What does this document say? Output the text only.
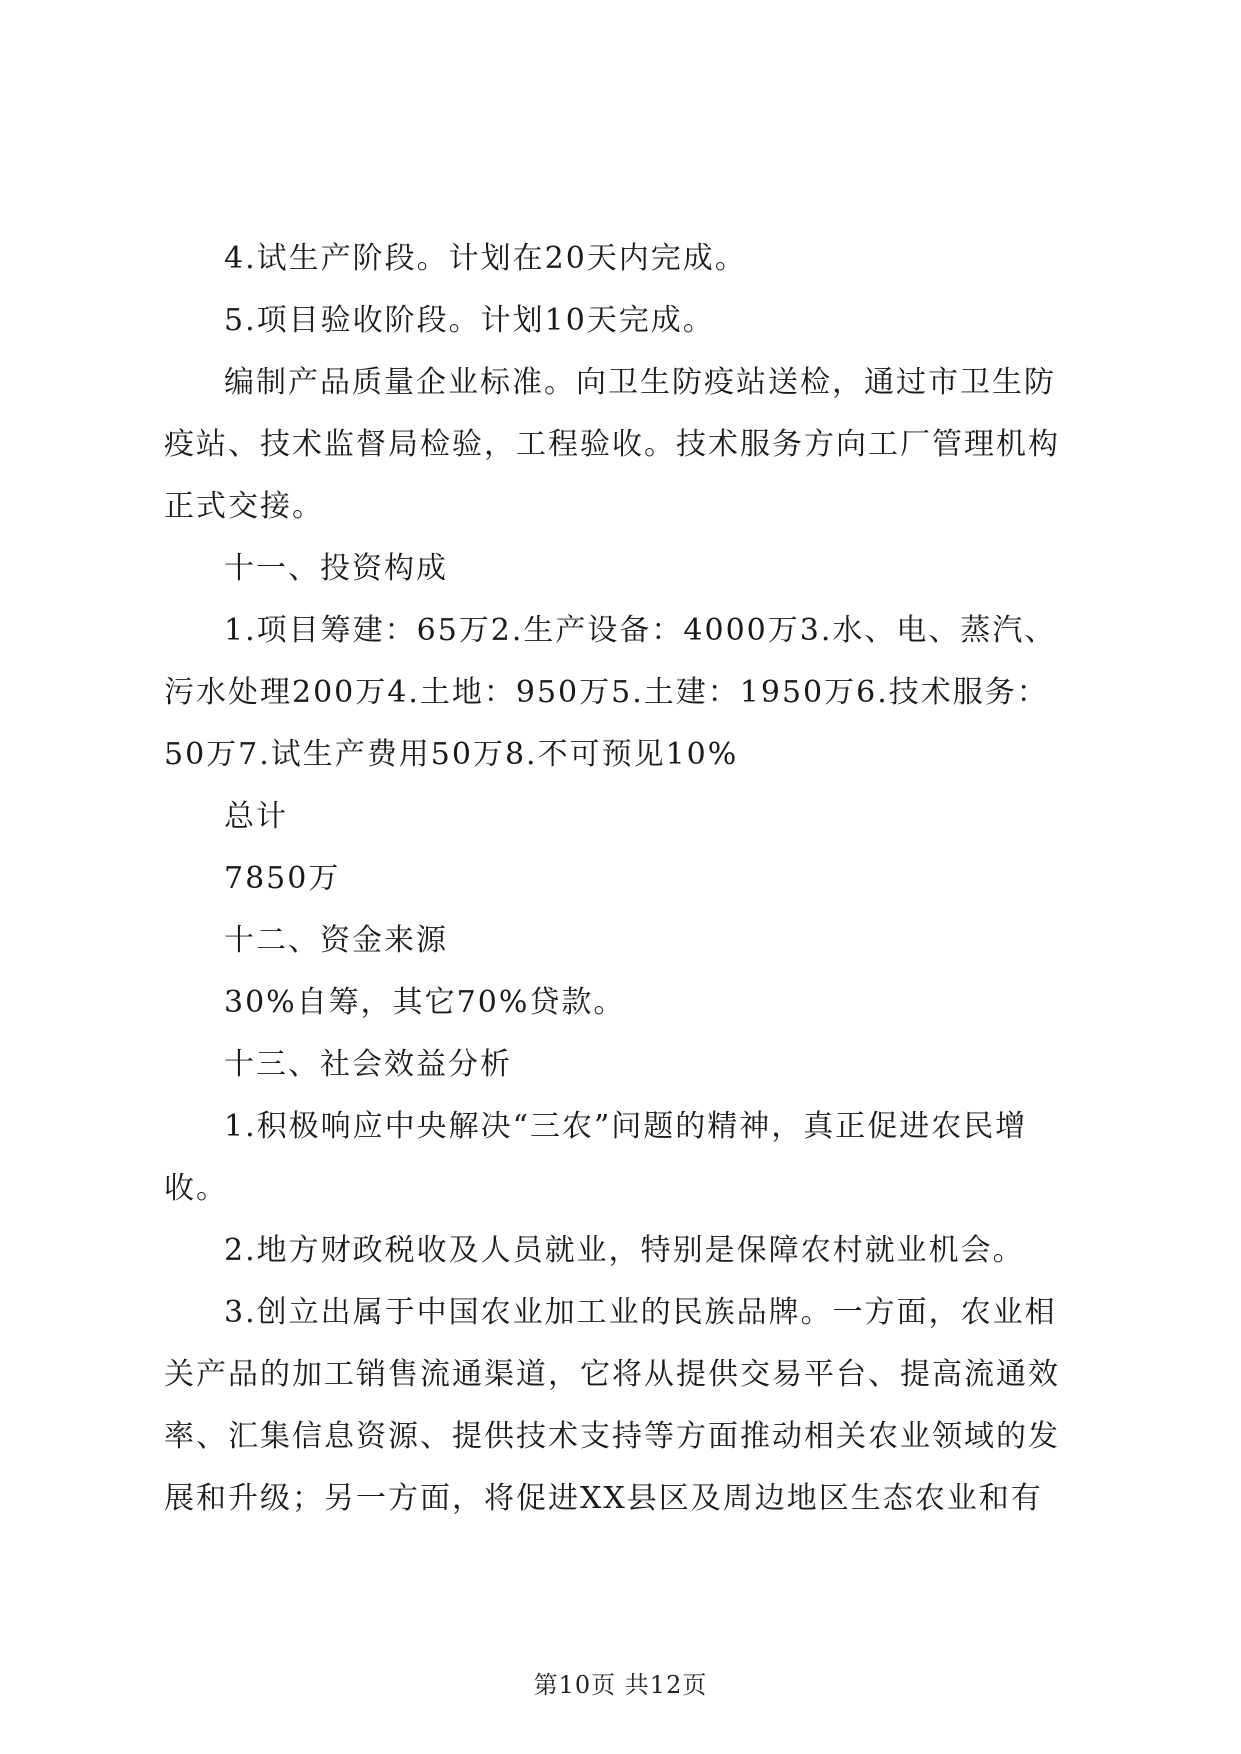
4.试生产阶段。计划在20天内完成。

5.项目验收阶段。计划10天完成。

编制产品质量企业标准。向卫生防疫站送检，通过市卫生防疫站、技术监督局检验，工程验收。技术服务方向工厂管理机构正式交接。

十一、投资构成

1.项目筹建：65万2.生产设备：4000万3.水、电、蒸汽、污水处理200万4.土地：950万5.土建：1950万6.技术服务：50万7.试生产费用50万8.不可预见10%

总计

7850万

十二、资金来源

30%自筹，其它70%贷款。

十三、社会效益分析

1.积极响应中央解决“三农”问题的精神，真正促进农民增收。

2.地方财政税收及人员就业，特别是保障农村就业机会。

3.创立出属于中国农业加工业的民族品牌。一方面，农业相关产品的加工销售流通渠道，它将从提供交易平台、提高流通效率、汇集信息资源、提供技术支持等方面推动相关农业领域的发展和升级；另一方面，将促进XX县区及周边地区生态农业和有

第10页 共12页
